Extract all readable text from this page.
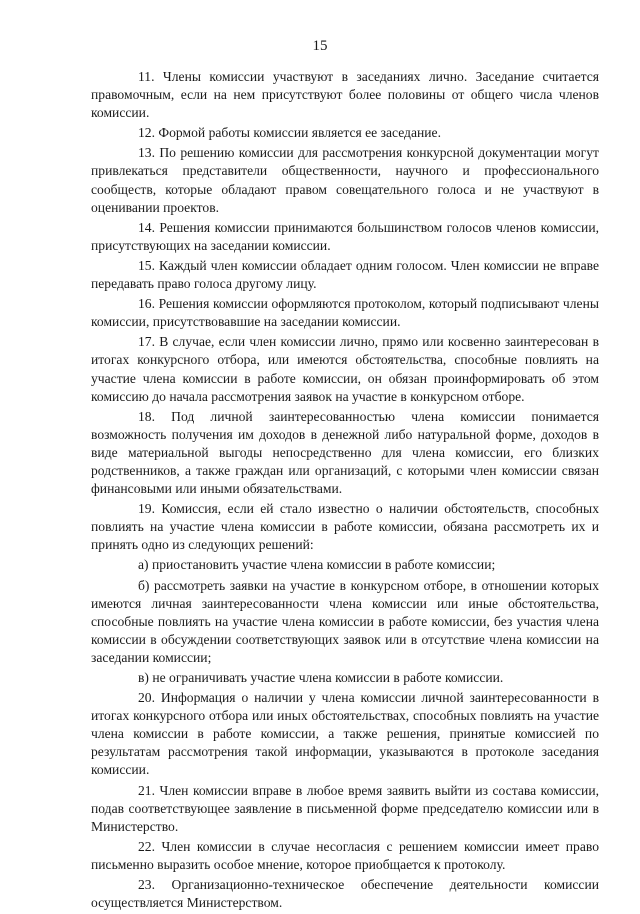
15

11. Члены комиссии участвуют в заседаниях лично. Заседание считается правомочным, если на нем присутствуют более половины от общего числа членов комиссии.

12. Формой работы комиссии является ее заседание.

13. По решению комиссии для рассмотрения конкурсной документации могут привлекаться представители общественности, научного и профессионального сообществ, которые обладают правом совещательного голоса и не участвуют в оценивании проектов.

14. Решения комиссии принимаются большинством голосов членов комиссии, присутствующих на заседании комиссии.

15. Каждый член комиссии обладает одним голосом. Член комиссии не вправе передавать право голоса другому лицу.

16. Решения комиссии оформляются протоколом, который подписывают члены комиссии, присутствовавшие на заседании комиссии.

17. В случае, если член комиссии лично, прямо или косвенно заинтересован в итогах конкурсного отбора, или имеются обстоятельства, способные повлиять на участие члена комиссии в работе комиссии, он обязан проинформировать об этом комиссию до начала рассмотрения заявок на участие в конкурсном отборе.

18. Под личной заинтересованностью члена комиссии понимается возможность получения им доходов в денежной либо натуральной форме, доходов в виде материальной выгоды непосредственно для члена комиссии, его близких родственников, а также граждан или организаций, с которыми член комиссии связан финансовыми или иными обязательствами.

19. Комиссия, если ей стало известно о наличии обстоятельств, способных повлиять на участие члена комиссии в работе комиссии, обязана рассмотреть их и принять одно из следующих решений:

а) приостановить участие члена комиссии в работе комиссии;

б) рассмотреть заявки на участие в конкурсном отборе, в отношении которых имеются личная заинтересованности члена комиссии или иные обстоятельства, способные повлиять на участие члена комиссии в работе комиссии, без участия члена комиссии в обсуждении соответствующих заявок или в отсутствие члена комиссии на заседании комиссии;

в) не ограничивать участие члена комиссии в работе комиссии.

20. Информация о наличии у члена комиссии личной заинтересованности в итогах конкурсного отбора или иных обстоятельствах, способных повлиять на участие члена комиссии в работе комиссии, а также решения, принятые комиссией по результатам рассмотрения такой информации, указываются в протоколе заседания комиссии.

21. Член комиссии вправе в любое время заявить выйти из состава комиссии, подав соответствующее заявление в письменной форме председателю комиссии или в Министерство.

22. Член комиссии в случае несогласия с решением комиссии имеет право письменно выразить особое мнение, которое приобщается к протоколу.

23. Организационно-техническое обеспечение деятельности комиссии осуществляется Министерством.
